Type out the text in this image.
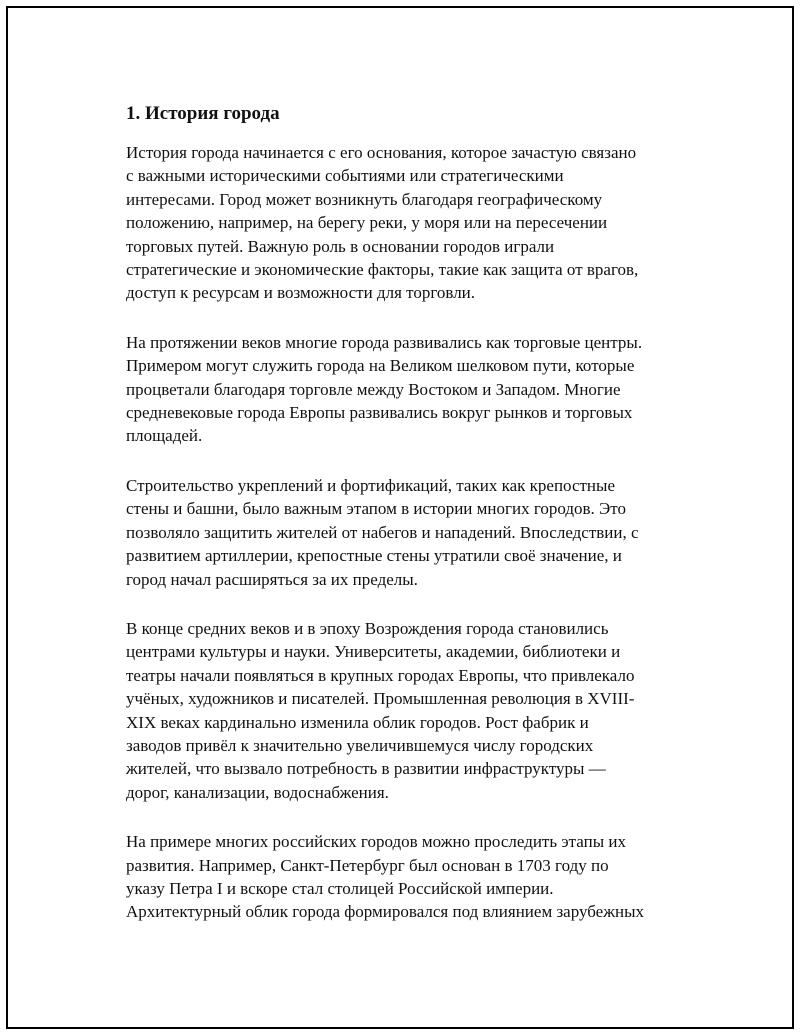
1. История города

История города начинается с его основания, которое зачастую связано
с важными историческими событиями или стратегическими
интересами. Город может возникнуть благодаря географическому
положению, например, на берегу реки, у моря или на пересечении
торговых путей. Важную роль в основании городов играли
стратегические и экономические факторы, такие как защита от врагов,
доступ к ресурсам и возможности для торговли.

На протяжении веков многие города развивались как торговые центры.
Примером могут служить города на Великом шелковом пути, которые
процветали благодаря торговле между Востоком и Западом. Многие
средневековые города Европы развивались вокруг рынков и торговых
площадей.

Строительство укреплений и фортификаций, таких как крепостные
стены и башни, было важным этапом в истории многих городов. Это
позволяло защитить жителей от набегов и нападений. Впоследствии, с
развитием артиллерии, крепостные стены утратили своё значение, и
город начал расширяться за их пределы.

В конце средних веков и в эпоху Возрождения города становились
центрами культуры и науки. Университеты, академии, библиотеки и
театры начали появляться в крупных городах Европы, что привлекало
учёных, художников и писателей. Промышленная революция в XVIII-
XIX веках кардинально изменила облик городов. Рост фабрик и
заводов привёл к значительно увеличившемуся числу городских
жителей, что вызвало потребность в развитии инфраструктуры —
дорог, канализации, водоснабжения.

На примере многих российских городов можно проследить этапы их
развития. Например, Санкт-Петербург был основан в 1703 году по
указу Петра I и вскоре стал столицей Российской империи.
Архитектурный облик города формировался под влиянием зарубежных
